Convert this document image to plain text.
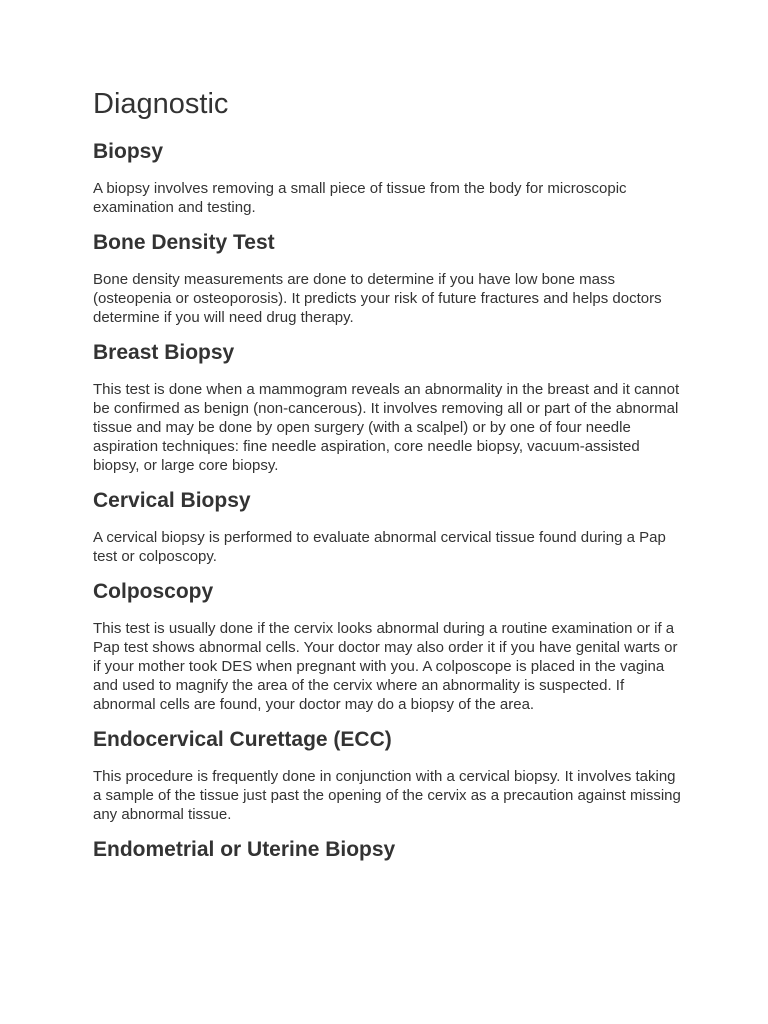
Diagnostic
Biopsy

A biopsy involves removing a small piece of tissue from the body for microscopic examination and testing.

Bone Density Test

Bone density measurements are done to determine if you have low bone mass (osteopenia or osteoporosis). It predicts your risk of future fractures and helps doctors determine if you will need drug therapy.

Breast Biopsy

This test is done when a mammogram reveals an abnormality in the breast and it cannot be confirmed as benign (non-cancerous). It involves removing all or part of the abnormal tissue and may be done by open surgery (with a scalpel) or by one of four needle aspiration techniques: fine needle aspiration, core needle biopsy, vacuum-assisted biopsy, or large core biopsy.

Cervical Biopsy

A cervical biopsy is performed to evaluate abnormal cervical tissue found during a Pap test or colposcopy.

Colposcopy

This test is usually done if the cervix looks abnormal during a routine examination or if a Pap test shows abnormal cells. Your doctor may also order it if you have genital warts or if your mother took DES when pregnant with you. A colposcope is placed in the vagina and used to magnify the area of the cervix where an abnormality is suspected. If abnormal cells are found, your doctor may do a biopsy of the area.

Endocervical Curettage (ECC)

This procedure is frequently done in conjunction with a cervical biopsy. It involves taking a sample of the tissue just past the opening of the cervix as a precaution against missing any abnormal tissue.

Endometrial or Uterine Biopsy
